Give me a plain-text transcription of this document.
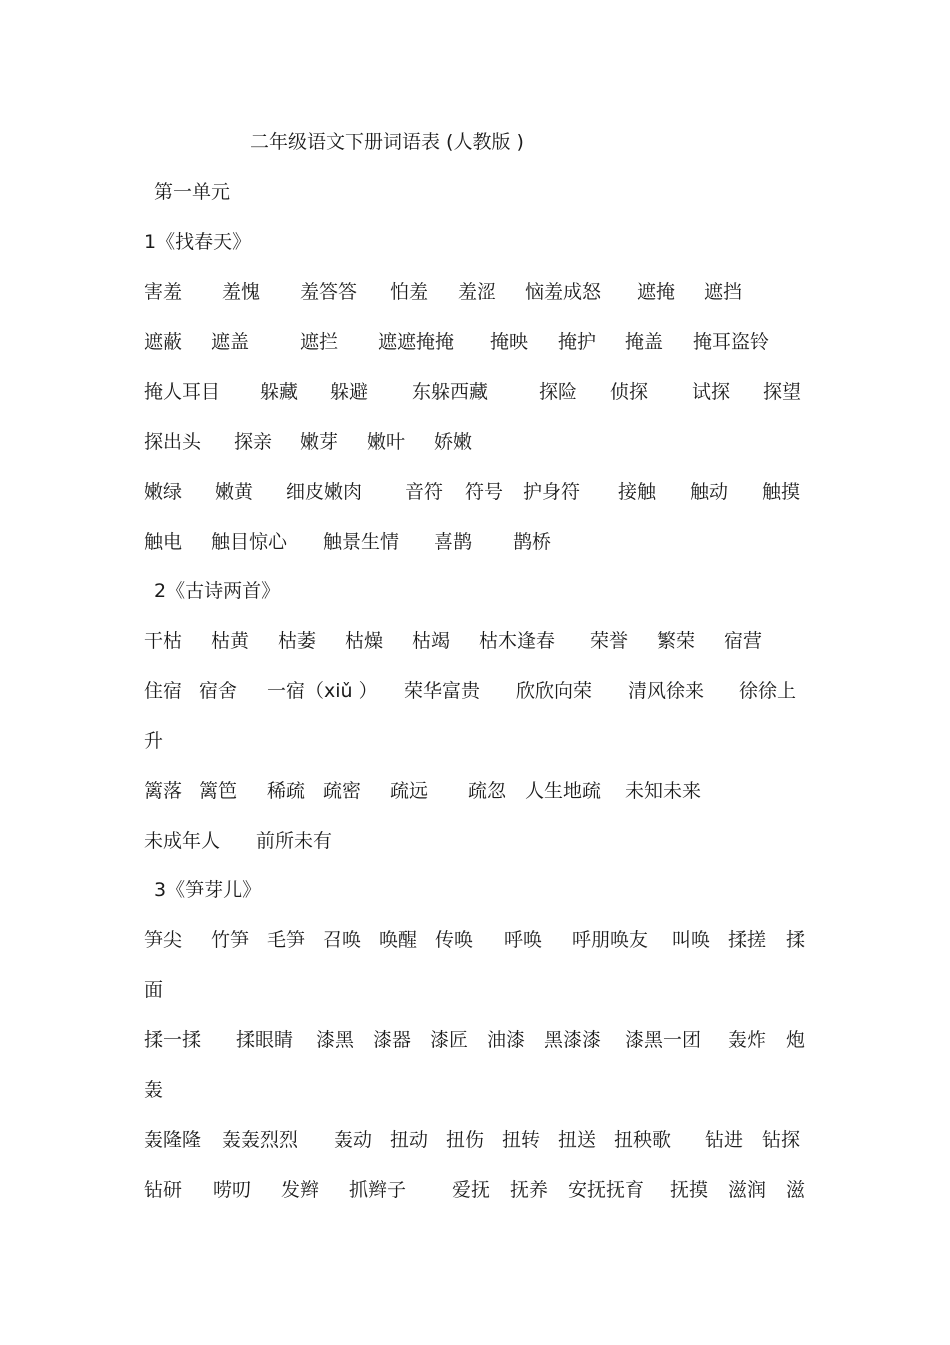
二年级语文下册词语表 (人教版 )
第一单元
1《找春天》
害羞 羞愧 羞答答 怕羞 羞涩 恼羞成怒 遮掩 遮挡
遮蔽 遮盖	遮拦 遮遮掩掩 掩映 掩护 掩盖 掩耳盗铃
掩人耳目 躲藏 躲避 东躲西藏	探险 侦探 试探 探望
探出头 探亲 嫩芽 嫩叶 娇嫩
嫩绿 嫩黄 细皮嫩肉 音符 符号 护身符 接触 触动 触摸
触电 触目惊心 触景生情 喜鹊 鹊桥
2《古诗两首》
干枯 枯黄 枯萎 枯燥 枯竭 枯木逢春 荣誉 繁荣 宿营
住宿 宿舍 一宿（xiǔ ） 荣华富贵 欣欣向荣 清风徐来 徐徐上
升
篱落 篱笆 稀疏 疏密 疏远 疏忽 人生地疏 未知未来
未成年人 前所未有
3《笋芽儿》
笋尖 竹笋 毛笋 召唤 唤醒 传唤 呼唤 呼朋唤友 叫唤 揉搓 揉
面
揉一揉 揉眼睛 漆黑 漆器 漆匠 油漆 黑漆漆 漆黑一团 轰炸 炮
轰
轰隆隆 轰轰烈烈 轰动 扭动 扭伤 扭转 扭送 扭秧歌 钻进 钻探
钻研 唠叨 发辫 抓辫子 爱抚 抚养 安抚抚育 抚摸 滋润 滋
